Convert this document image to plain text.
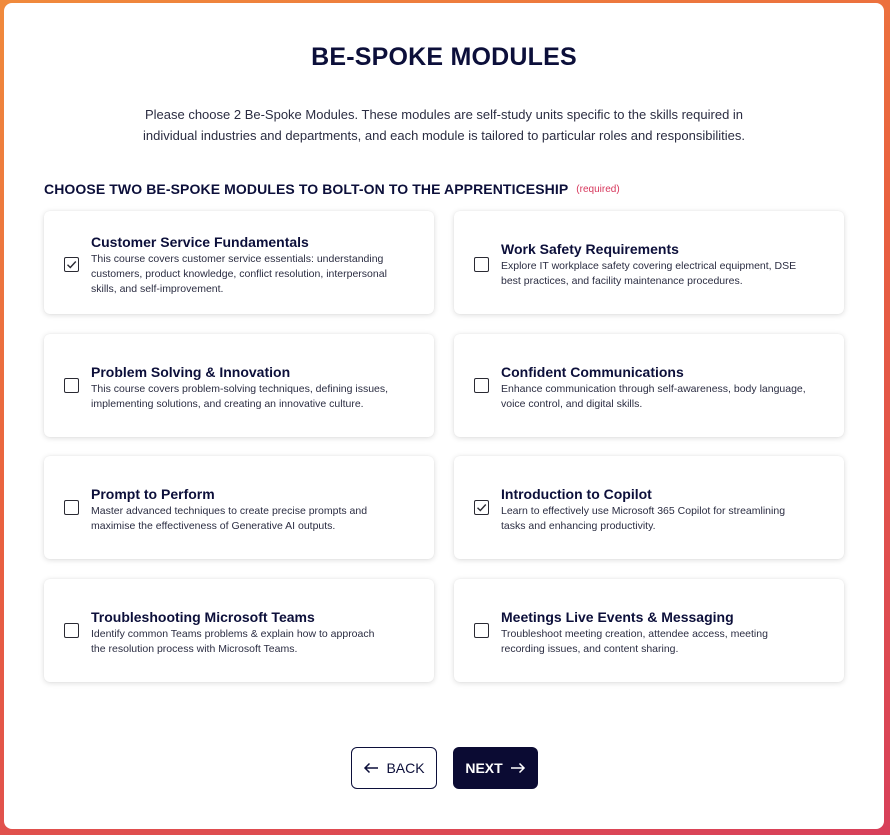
BE-SPOKE MODULES
Please choose 2 Be-Spoke Modules. These modules are self-study units specific to the skills required in
individual industries and departments, and each module is tailored to particular roles and responsibilities.
CHOOSE TWO BE-SPOKE MODULES TO BOLT-ON TO THE APPRENTICESHIP (required)
Customer Service Fundamentals
This course covers customer service essentials: understanding
customers, product knowledge, conflict resolution, interpersonal
skills, and self-improvement.
Work Safety Requirements
Explore IT workplace safety covering electrical equipment, DSE
best practices, and facility maintenance procedures.
Problem Solving & Innovation
This course covers problem-solving techniques, defining issues,
implementing solutions, and creating an innovative culture.
Confident Communications
Enhance communication through self-awareness, body language,
voice control, and digital skills.
Prompt to Perform
Master advanced techniques to create precise prompts and
maximise the effectiveness of Generative AI outputs.
Introduction to Copilot
Learn to effectively use Microsoft 365 Copilot for streamlining
tasks and enhancing productivity.
Troubleshooting Microsoft Teams
Identify common Teams problems & explain how to approach
the resolution process with Microsoft Teams.
Meetings Live Events & Messaging
Troubleshoot meeting creation, attendee access, meeting
recording issues, and content sharing.
BACK	NEXT
